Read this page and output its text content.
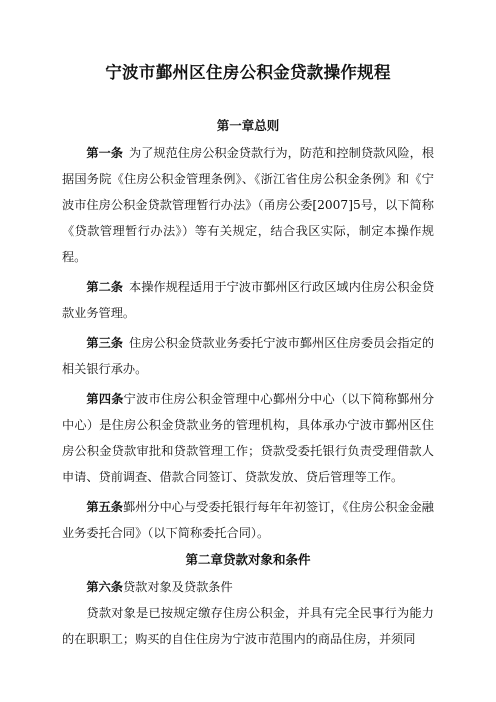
宁波市鄞州区住房公积金贷款操作规程
第一章总则

第一条 为了规范住房公积金贷款行为，防范和控制贷款风险，根据国务院《住房公积金管理条例》、《浙江省住房公积金条例》和《宁波市住房公积金贷款管理暂行办法》（甬房公委[2007]5号，以下简称《贷款管理暂行办法》）等有关规定，结合我区实际，制定本操作规程。

第二条 本操作规程适用于宁波市鄞州区行政区域内住房公积金贷款业务管理。

第三条 住房公积金贷款业务委托宁波市鄞州区住房委员会指定的相关银行承办。

第四条宁波市住房公积金管理中心鄞州分中心（以下简称鄞州分中心）是住房公积金贷款业务的管理机构，具体承办宁波市鄞州区住房公积金贷款审批和贷款管理工作；贷款受委托银行负责受理借款人申请、贷前调查、借款合同签订、贷款发放、贷后管理等工作。

第五条鄞州分中心与受委托银行每年年初签订，《住房公积金金融业务委托合同》（以下简称委托合同）。

第二章贷款对象和条件

第六条贷款对象及贷款条件

贷款对象是已按规定缴存住房公积金，并具有完全民事行为能力的在职职工；购买的自住住房为宁波市范围内的商品住房，并须同
